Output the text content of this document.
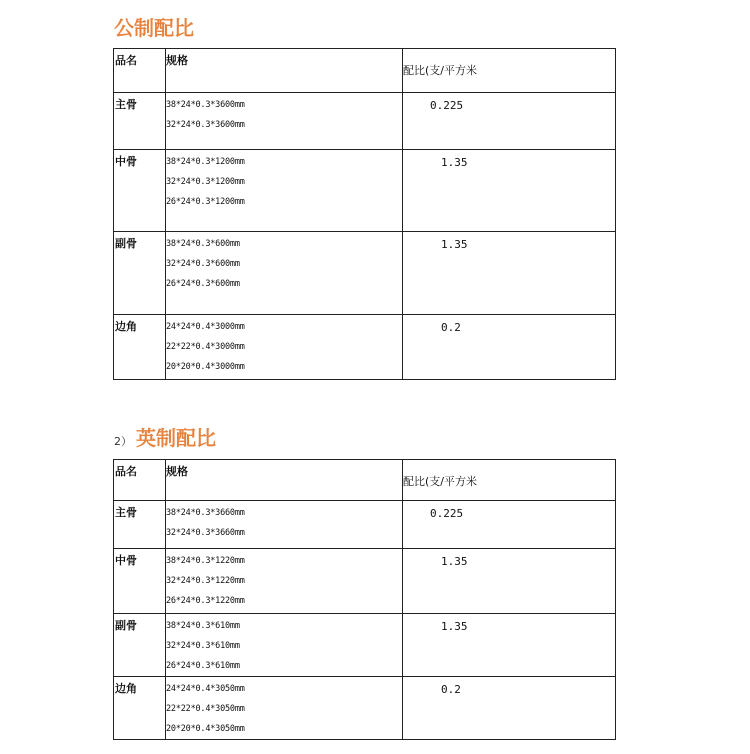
公制配比
品名	规格	配比(支/平方米

主骨	38*24*0.3*3600mm
32*24*0.3*3600mm	0.225

中骨	38*24*0.3*1200mm
32*24*0.3*1200mm
26*24*0.3*1200mm	1.35

副骨	38*24*0.3*600mm
32*24*0.3*600mm
26*24*0.3*600mm	1.35

边角	24*24*0.4*3000mm
22*22*0.4*3000mm
20*20*0.4*3000mm	0.2
2） 英制配比
品名	规格	配比(支/平方米

主骨	38*24*0.3*3660mm
32*24*0.3*3660mm	0.225

中骨	38*24*0.3*1220mm
32*24*0.3*1220mm
26*24*0.3*1220mm	1.35

副骨	38*24*0.3*610mm
32*24*0.3*610mm
26*24*0.3*610mm	1.35

边角	24*24*0.4*3050mm
22*22*0.4*3050mm
20*20*0.4*3050mm	0.2
